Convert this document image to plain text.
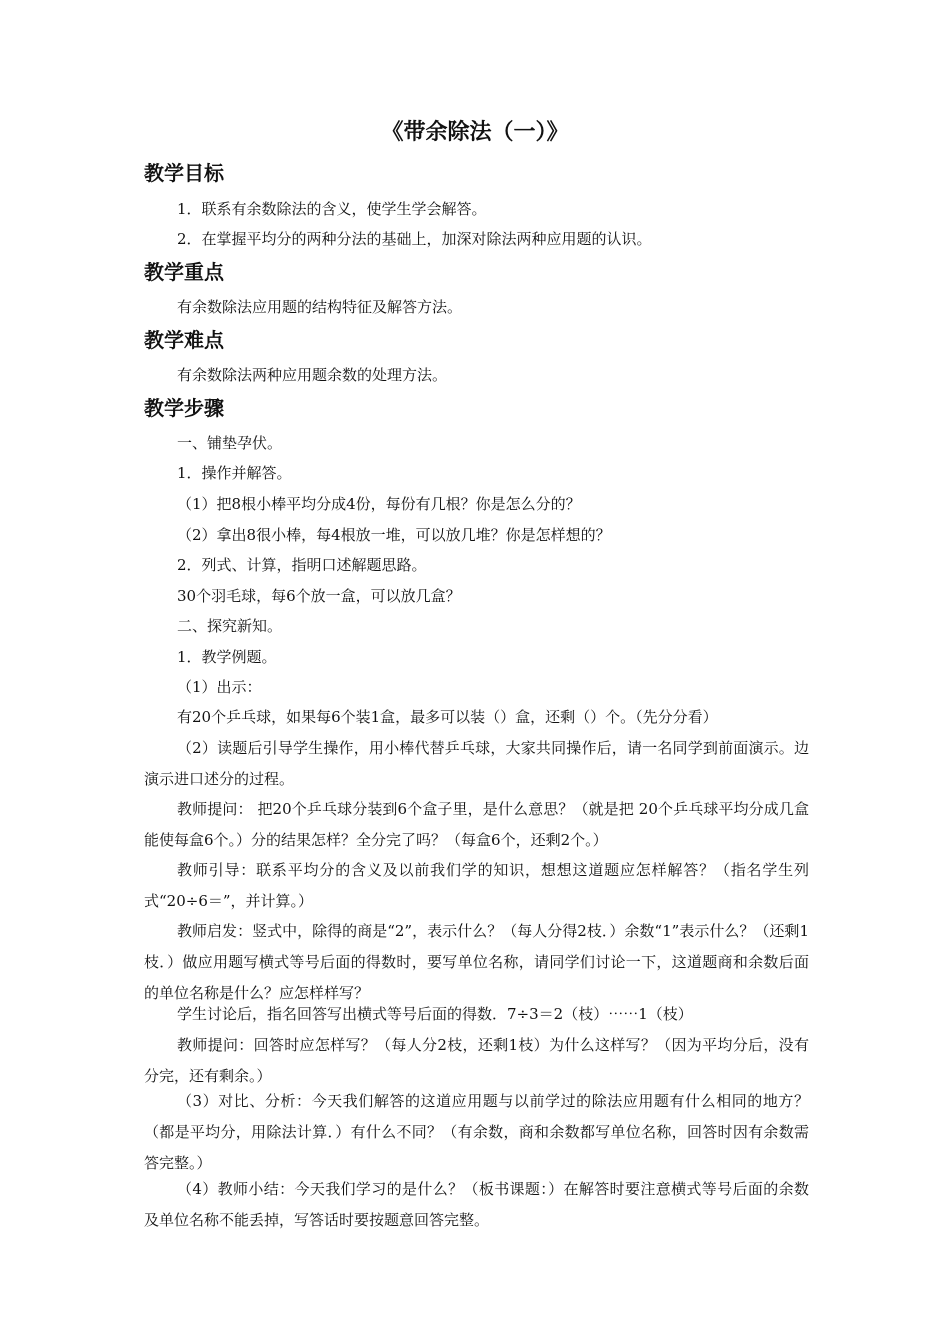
《带余除法（一）》
教学目标
1．联系有余数除法的含义，使学生学会解答。
2．在掌握平均分的两种分法的基础上，加深对除法两种应用题的认识。
教学重点
有余数除法应用题的结构特征及解答方法。
教学难点
有余数除法两种应用题余数的处理方法。
教学步骤
一、铺垫孕伏。
1．操作并解答。
（1）把8根小棒平均分成4份，每份有几根？你是怎么分的？
（2）拿出8很小棒，每4根放一堆，可以放几堆？你是怎样想的？
2．列式、计算，指明口述解题思路。
30个羽毛球，每6个放一盒，可以放几盒？
二、探究新知。
1．教学例题。
（1）出示：
有20个乒乓球，如果每6个装1盒，最多可以装（）盒，还剩（）个。（先分分看）
（2）读题后引导学生操作，用小棒代替乒乓球，大家共同操作后，请一名同学到前面演示。边演示进口述分的过程。
教师提问： 把20个乒乓球分装到6个盒子里，是什么意思？（就是把 20个乒乓球平均分成几盒能使每盒6个。）分的结果怎样？全分完了吗？（每盒6个，还剩2个。）
教师引导：联系平均分的含义及以前我们学的知识，想想这道题应怎样解答？（指名学生列式“20÷6＝”，并计算。）
教师启发：竖式中，除得的商是“2”，表示什么？（每人分得2枝．）余数“1”表示什么？（还剩1枝．）做应用题写横式等号后面的得数时，要写单位名称，请同学们讨论一下，这道题商和余数后面的单位名称是什么？应怎样样写？
学生讨论后，指名回答写出横式等号后面的得数．7÷3＝2（枝）⋯⋯1（枝）
教师提问：回答时应怎样写？（每人分2枝，还剩1枝）为什么这样写？（因为平均分后，没有分完，还有剩余。）
（3）对比、分析：今天我们解答的这道应用题与以前学过的除法应用题有什么相同的地方？（都是平均分，用除法计算．）有什么不同？（有余数，商和余数都写单位名称，回答时因有余数需答完整。）
（4）教师小结：今天我们学习的是什么？（板书课题：）在解答时要注意横式等号后面的余数及单位名称不能丢掉，写答话时要按题意回答完整。
